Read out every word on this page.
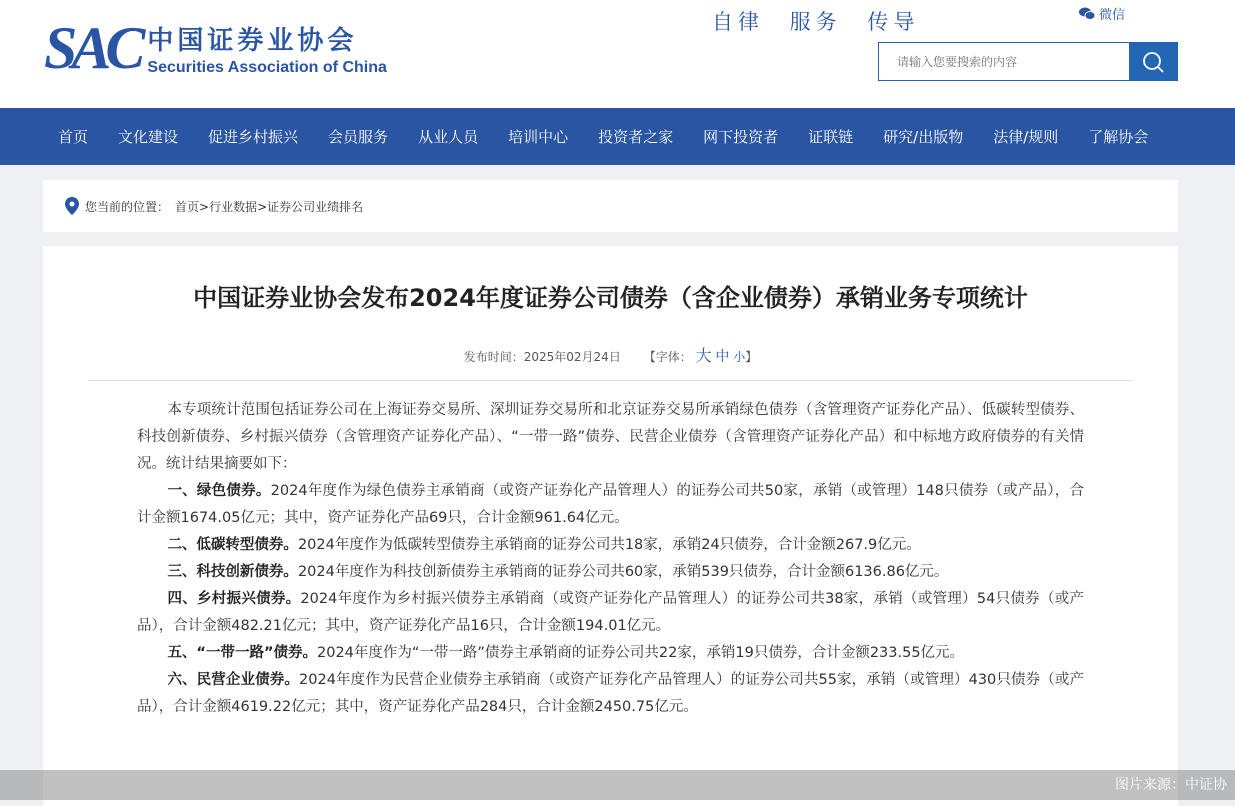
SAC 中国证券业协会
Securities Association of China
自律 服务 传导	微信
请输入您要搜索的内容
首页	文化建设	促进乡村振兴	会员服务	从业人员	培训中心	投资者之家	网下投资者	证联链	研究/出版物	法律/规则	了解协会
您当前的位置： 首页>行业数据>证券公司业绩排名
中国证券业协会发布2024年度证券公司债券（含企业债券）承销业务专项统计
发布时间：2025年02月24日 【字体： 大 中 小】

本专项统计范围包括证券公司在上海证券交易所、深圳证券交易所和北京证券交易所承销绿色债券（含管理资产证券化产品）、低碳转型债券、科技创新债券、乡村振兴债券（含管理资产证券化产品）、“一带一路”债券、民营企业债券（含管理资产证券化产品）和中标地方政府债券的有关情况。统计结果摘要如下：

一、绿色债券。2024年度作为绿色债券主承销商（或资产证券化产品管理人）的证券公司共50家，承销（或管理）148只债券（或产品），合计金额1674.05亿元；其中，资产证券化产品69只，合计金额961.64亿元。

二、低碳转型债券。2024年度作为低碳转型债券主承销商的证券公司共18家，承销24只债券，合计金额267.9亿元。

三、科技创新债券。2024年度作为科技创新债券主承销商的证券公司共60家，承销539只债券，合计金额6136.86亿元。

四、乡村振兴债券。2024年度作为乡村振兴债券主承销商（或资产证券化产品管理人）的证券公司共38家，承销（或管理）54只债券（或产品），合计金额482.21亿元；其中，资产证券化产品16只，合计金额194.01亿元。

五、“一带一路”债券。2024年度作为“一带一路”债券主承销商的证券公司共22家，承销19只债券，合计金额233.55亿元。

六、民营企业债券。2024年度作为民营企业债券主承销商（或资产证券化产品管理人）的证券公司共55家，承销（或管理）430只债券（或产品），合计金额4619.22亿元；其中，资产证券化产品284只，合计金额2450.75亿元。

图片来源：中证协
